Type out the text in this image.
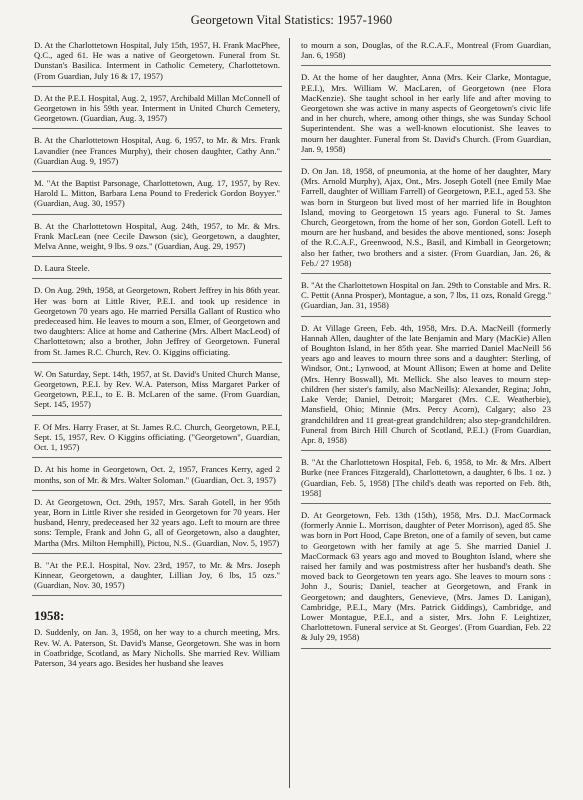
Georgetown Vital Statistics: 1957-1960
D. At the Charlottetown Hospital, July 15th, 1957, H. Frank MacPhee, Q.C., aged 61. He was a native of Georgetown. Funeral from St. Dunstan's Basilica. Interment in Catholic Cemetery, Charlottetown. (From Guardian, July 16 & 17, 1957)
D. At the P.E.I. Hospital, Aug. 2, 1957, Archibald Millan McConnell of Georgetown in his 59th year. Interment in United Church Cemetery, Georgetown. (Guardian, Aug. 3, 1957)
B. At the Charlottetown Hospital, Aug. 6, 1957, to Mr. & Mrs. Frank Lavandier (nee Frances Murphy), their chosen daughter, Cathy Ann." (Guardian Aug. 9, 1957)
M. "At the Baptist Parsonage, Charlottetown, Aug. 17, 1957, by Rev. Harold L. Mitton, Barbara Lena Pound to Frederick Gordon Boyyer." (Guardian, Aug. 30, 1957)
B. At the Charlottetown Hospital, Aug. 24th, 1957, to Mr. & Mrs. Frank MacLean (nee Cecile Dawson (sic), Georgetown, a daughter, Melva Anne, weight, 9 lbs. 9 ozs." (Guardian, Aug. 29, 1957)
D. Laura Steele.
D. On Aug. 29th, 1958, at Georgetown, Robert Jeffrey in his 86th year. Her was born at Little River, P.E.I. and took up residence in Georgetown 70 years ago. He married Persilla Gallant of Rustico who predeceased him. He leaves to mourn a son, Elmer, of Georgetown and two daughters: Alice at home and Catherine (Mrs. Albert MacLeod) of Charlottetown; also a brother, John Jeffrey of Georgetown. Funeral from St. James R.C. Church, Rev. O. Kiggins officiating.
W. On Saturday, Sept. 14th, 1957, at St. David's United Church Manse, Georgetown, P.E.I. by Rev. W.A. Paterson, Miss Margaret Parker of Georgetown, P.E.I., to E. B. McLaren of the same. (From Guardian, Sept. 145, 1957)
F. Of Mrs. Harry Fraser, at St. James R.C. Church, Georgetown, P.E.I, Sept. 15, 1957, Rev. O Kiggins officiating. ("Georgetown", Guardian, Oct. 1, 1957)
D. At his home in Georgetown, Oct. 2, 1957, Frances Kerry, aged 2 months, son of Mr. & Mrs. Walter Soloman." (Guardian, Oct. 3, 1957)
D. At Georgetown, Oct. 29th, 1957, Mrs. Sarah Gotell, in her 95th year, Born in Little River she resided in Georgetown for 70 years. Her husband, Henry, predeceased her 32 years ago. Left to mourn are three sons: Temple, Frank and John G, all of Georgetown, also a daughter, Martha (Mrs. Milton Hemphill), Pictou, N.S.. (Guardian, Nov. 5, 1957)
B. "At the P.E.I. Hospital, Nov. 23rd, 1957, to Mr. & Mrs. Joseph Kinnear, Georgetown, a daughter, Lillian Joy, 6 lbs, 15 ozs." (Guardian, Nov. 30, 1957)
1958:
D. Suddenly, on Jan. 3, 1958, on her way to a church meeting, Mrs. Rev. W. A. Paterson, St. David's Manse, Georgetown. She was in born in Coatbridge, Scotland, as Mary Nicholls. She married Rev. William Paterson, 34 years ago. Besides her husband she leaves
to mourn a son, Douglas, of the R.C.A.F., Montreal (From Guardian, Jan. 6, 1958)
D. At the home of her daughter, Anna (Mrs. Keir Clarke, Montague, P.E.I.), Mrs. William W. MacLaren, of Georgetown (nee Flora MacKenzie). She taught school in her early life and after moving to Georgetown she was active in many aspects of Georgetown's civic life and in her church, where, among other things, she was Sunday School Superintendent. She was a well-known elocutionist. She leaves to mourn her daughter. Funeral from St. David's Church. (From Guardian, Jan. 9, 1958)
D. On Jan. 18, 1958, of pneumonia, at the home of her daughter, Mary (Mrs. Arnold Murphy), Ajax, Ont., Mrs. Joseph Gotell (nee Emily Mae Farrell, daughter of William Farrell) of Georgetown, P.E.I., aged 53. She was born in Sturgeon but lived most of her married life in Boughton Island, moving to Georgetown 15 years ago. Funeral to St. James Church, Georgetown, from the home of her son, Gordon Gotell. Left to mourn are her husband, and besides the above mentioned, sons: Joseph of the R.C.A.F., Greenwood, N.S., Basil, and Kimball in Georgetown; also her father, two brothers and a sister. (From Guardian, Jan. 26, & Feb./ 27 1958)
B. "At the Charlottetown Hospital on Jan. 29th to Constable and Mrs. R. C. Pettit (Anna Prosper), Montague, a son, 7 lbs, 11 ozs, Ronald Gregg." (Guardian, Jan. 31, 1958)
D. At Village Green, Feb. 4th, 1958, Mrs. D.A. MacNeill (formerly Hannah Allen, daughter of the late Benjamin and Mary (MacKie) Allen of Boughton Island, in her 85th year. She married Daniel MacNeill 56 years ago and leaves to mourn three sons and a daughter: Sterling, of Windsor, Ont.; Lynwood, at Mount Allison; Ewen at home and Delite (Mrs. Henry Boswall), Mt. Mellick. She also leaves to mourn step-children (her sister's family, also MacNeills): Alexander, Regina; John, Lake Verde; Daniel, Detroit; Margaret (Mrs. C.E. Weatherbie), Mansfield, Ohio; Minnie (Mrs. Percy Acorn), Calgary; also 23 grandchildren and 11 great-great grandchildren; also step-grandchildren. Funeral from Birch Hill Church of Scotland, P.E.I.) (From Guardian, Apr. 8, 1958)
B. "At the Charlottetown Hospital, Feb. 6, 1958, to Mr. & Mrs. Albert Burke (nee Frances Fitzgerald), Charlottetown, a daughter, 6 lbs. 1 oz. ) (Guardian, Feb. 5, 1958) [The child's death was reported on Feb. 8th, 1958]
D. At Georgetown, Feb. 13th (15th), 1958, Mrs. D.J. MacCormack (formerly Annie L. Morrison, daughter of Peter Morrison), aged 85. She was born in Port Hood, Cape Breton, one of a family of seven, but came to Georgetown with her family at age 5. She married Daniel J. MacCormack 63 years ago and moved to Boughton Island, where she raised her family and was postmistress after her husband's death. She moved back to Georgetown ten years ago. She leaves to mourn sons : John J., Souris; Daniel, teacher at Georgetown, and Frank in Georgetown; and daughters, Genevieve, (Mrs. James D. Lanigan), Cambridge, P.E.I., Mary (Mrs. Patrick Giddings), Cambridge, and Lower Montague, P.E.I., and a sister, Mrs. John F. Leightizer, Charlottetown. Funeral service at St. Georges'. (From Guardian, Feb. 22 & July 29, 1958)
